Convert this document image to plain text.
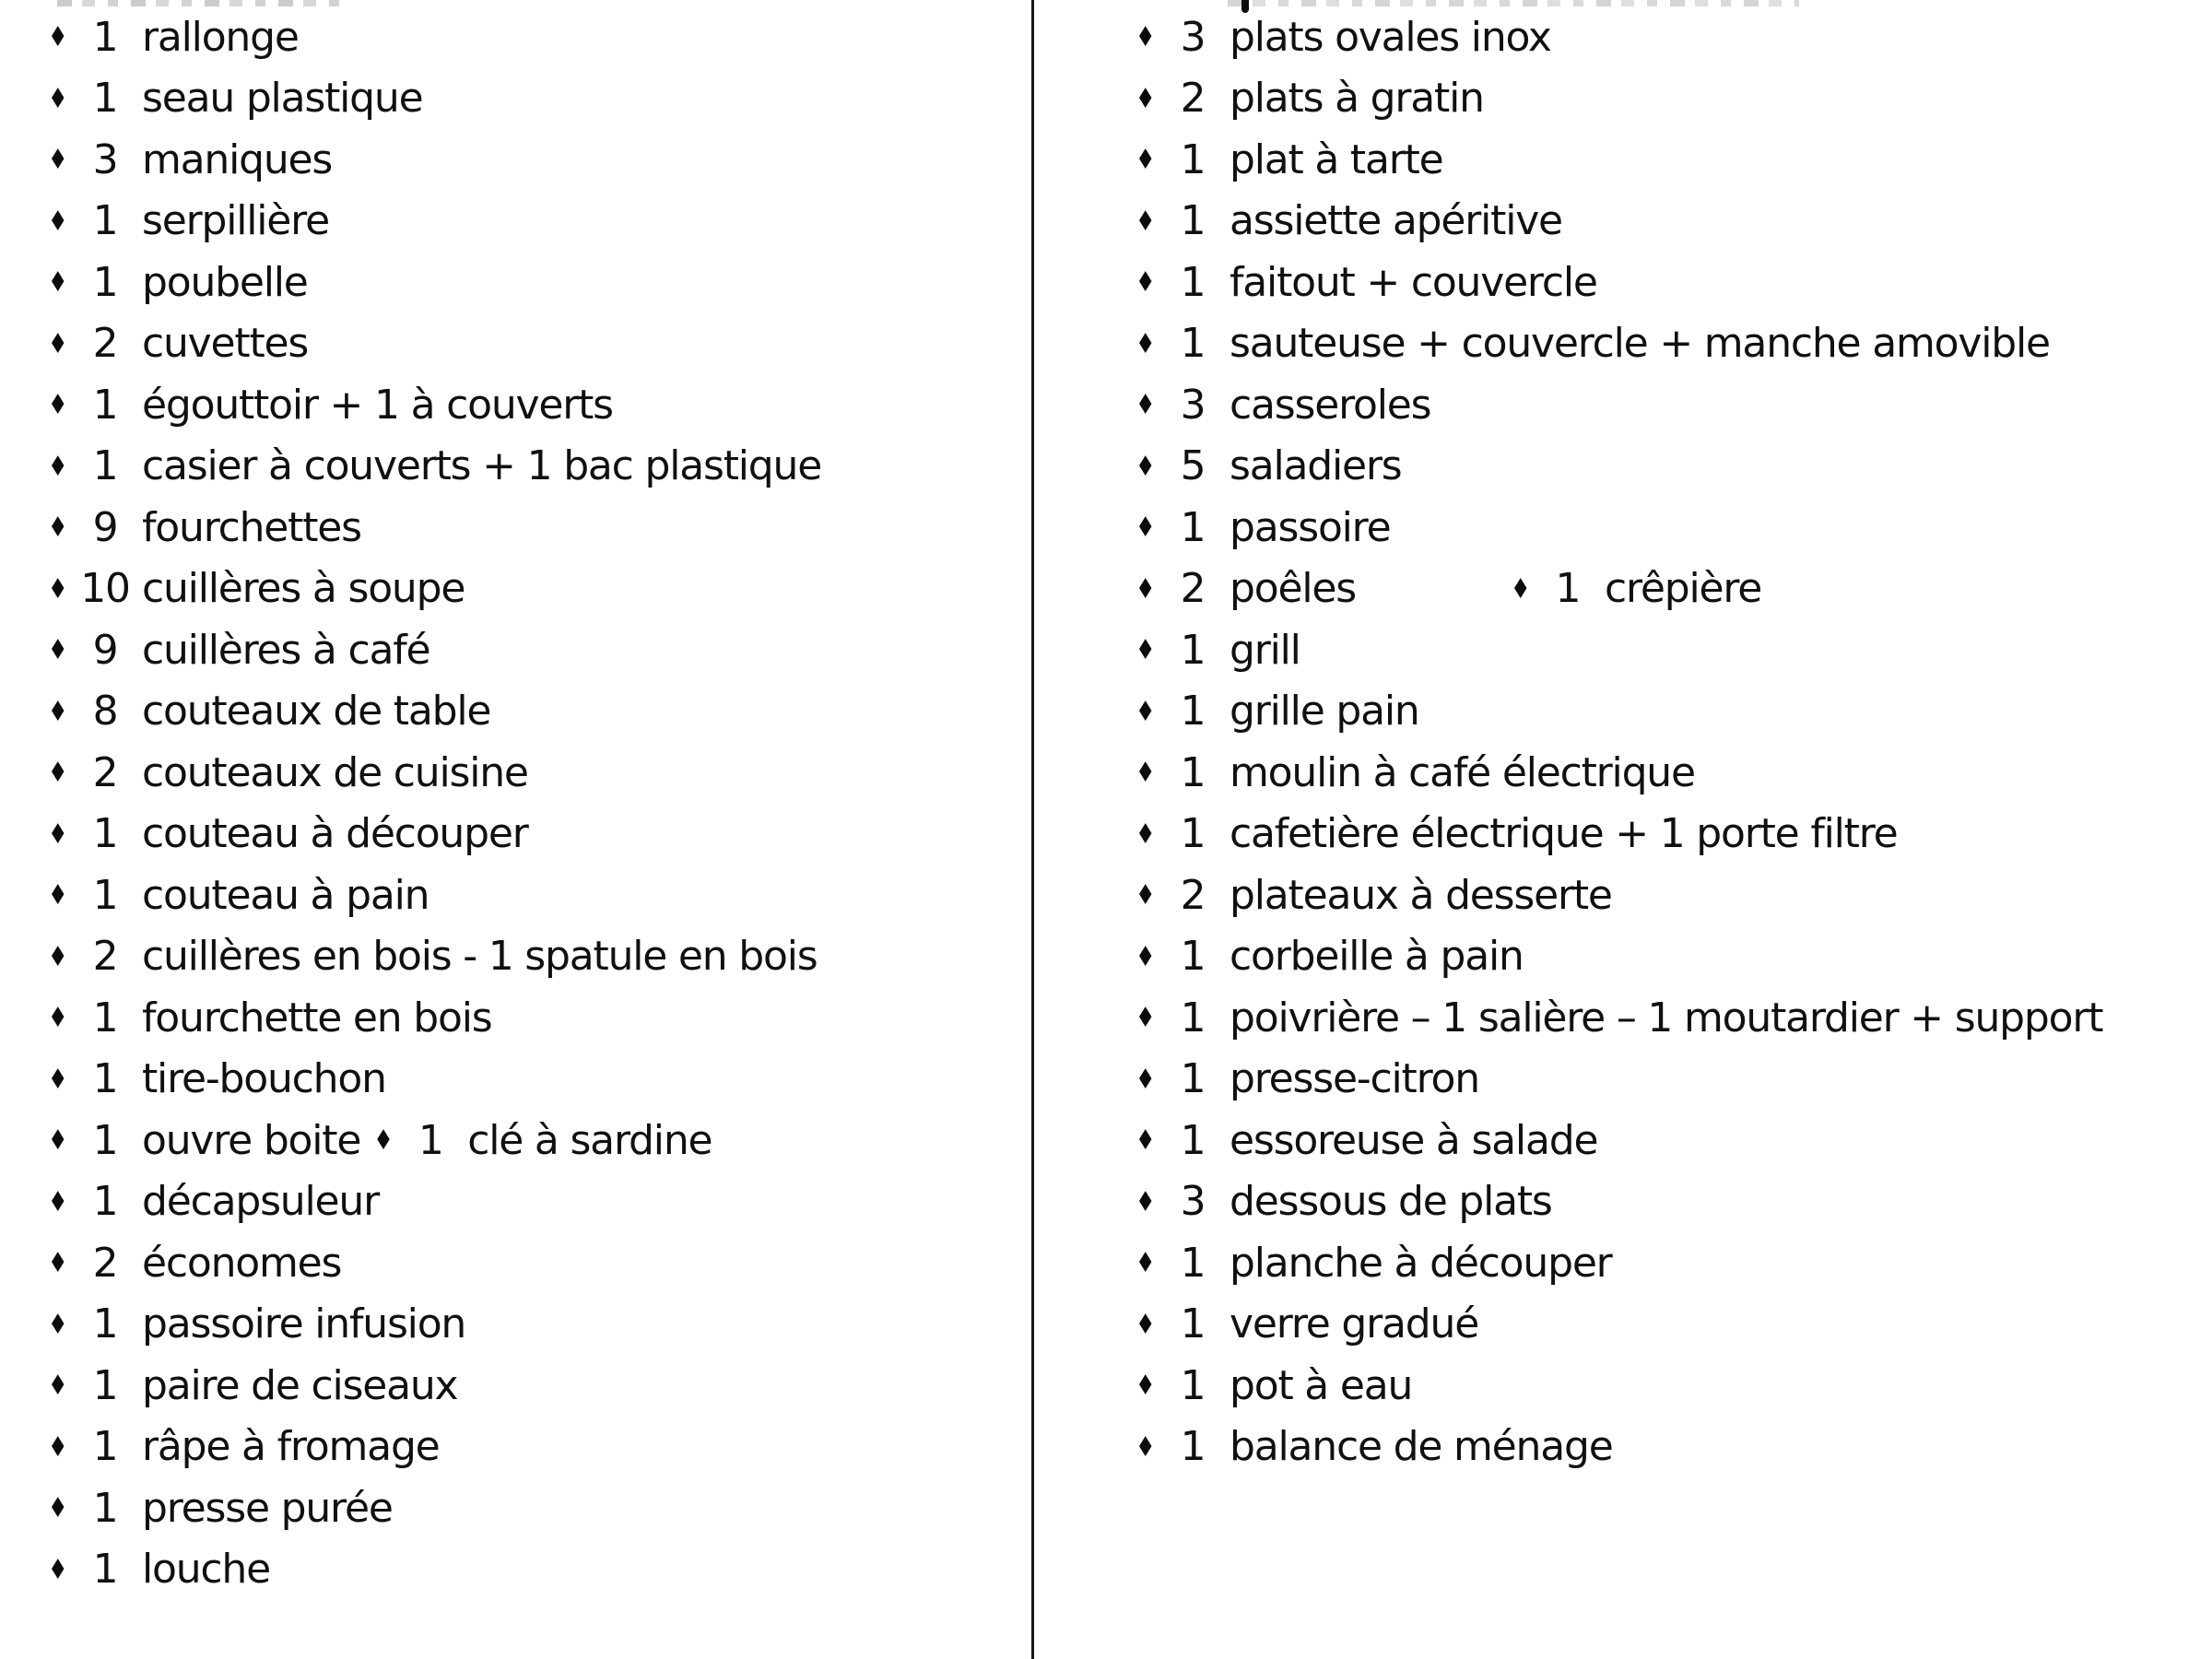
♦ 1 rallonge
♦ 1 seau plastique
♦ 3 maniques
♦ 1 serpillière
♦ 1 poubelle
♦ 2 cuvettes
♦ 1 égouttoir + 1 à couverts
♦ 1 casier à couverts + 1 bac plastique
♦ 9 fourchettes
♦ 10 cuillères à soupe
♦ 9 cuillères à café
♦ 8 couteaux de table
♦ 2 couteaux de cuisine
♦ 1 couteau à découper
♦ 1 couteau à pain
♦ 2 cuillères en bois - 1 spatule en bois
♦ 1 fourchette en bois
♦ 1 tire-bouchon
♦ 1 ouvre boite ♦ 1 clé à sardine
♦ 1 décapsuleur
♦ 2 économes
♦ 1 passoire infusion
♦ 1 paire de ciseaux
♦ 1 râpe à fromage
♦ 1 presse purée
♦ 1 louche
♦ 3 plats ovales inox
♦ 2 plats à gratin
♦ 1 plat à tarte
♦ 1 assiette apéritive
♦ 1 faitout + couvercle
♦ 1 sauteuse + couvercle + manche amovible
♦ 3 casseroles
♦ 5 saladiers
♦ 1 passoire
♦ 2 poêles	♦ 1 crêpière
♦ 1 grill
♦ 1 grille pain
♦ 1 moulin à café électrique
♦ 1 cafetière électrique + 1 porte filtre
♦ 2 plateaux à desserte
♦ 1 corbeille à pain
♦ 1 poivrière – 1 salière – 1 moutardier + support
♦ 1 presse-citron
♦ 1 essoreuse à salade
♦ 3 dessous de plats
♦ 1 planche à découper
♦ 1 verre gradué
♦ 1 pot à eau
♦ 1 balance de ménage
